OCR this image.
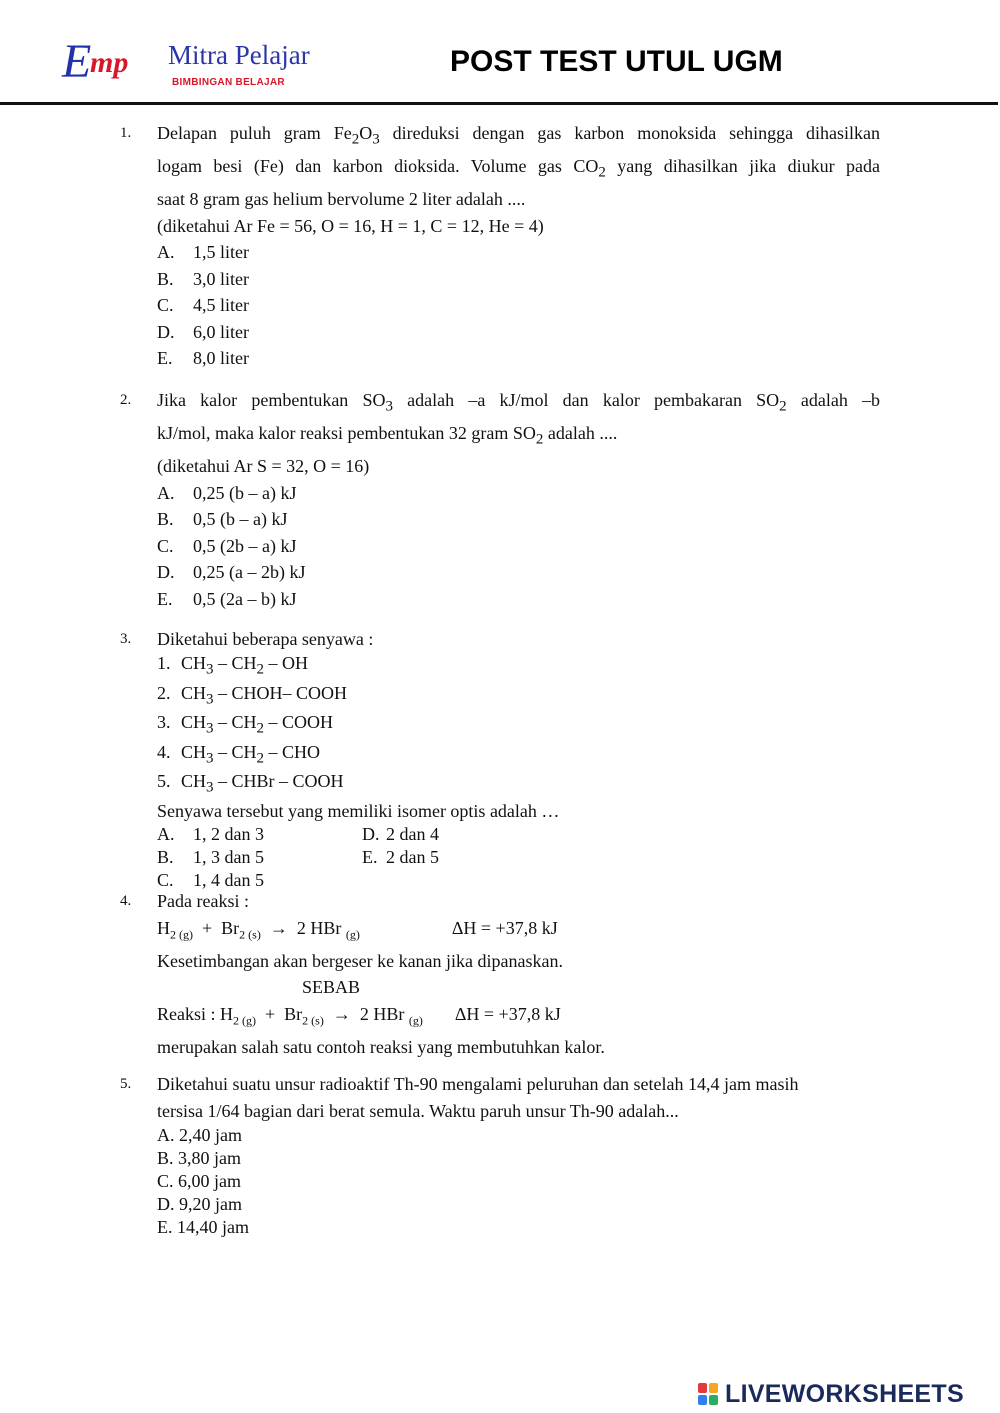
E
mp Mitra Pelajar
BIMBINGAN BELAJAR
POST TEST UTUL UGM
1.	Delapan puluh gram $Fe_2O_3$ direduksi dengan gas karbon monoksida sehingga dihasilkan
logam besi (Fe) dan karbon dioksida. Volume gas $CO_2$ yang dihasilkan jika diukur pada
saat 8 gram gas helium bervolume 2 liter adalah ....
(diketahui Ar Fe = 56, O = 16, H = 1, C = 12, He = 4)
A. 1,5 liter
B. 3,0 liter
C. 4,5 liter
D. 6,0 liter
E. 8,0 liter
2.	Jika kalor pembentukan $SO_3$ adalah –a kJ/mol dan kalor pembakaran $SO_2$ adalah –b
kJ/mol, maka kalor reaksi pembentukan 32 gram $SO_2$ adalah ....
(diketahui Ar S = 32, O = 16)
A. 0,25 (b – a) kJ
B. 0,5 (b – a) kJ
C. 0,5 (2b – a) kJ
D. 0,25 (a – 2b) kJ
E. 0,5 (2a – b) kJ
3.	Diketahui beberapa senyawa :
1. $CH_3 - CH_2$ – OH
2. $CH_3$ – CHOH– COOH
3. $CH_3 - CH_2$ – COOH
4. $CH_3 - CH_2$ – CHO
5. $CH_3$ – CHBr – COOH
Senyawa tersebut yang memiliki isomer optis adalah …
A. 1, 2 dan 3	D. 2 dan 4
B. 1, 3 dan 5	E. 2 dan 5
C. 1, 4 dan 5
4.	Pada reaksi :
$H_{2 (g)} + Br_{2 (s)} \to 2$ HBr $_{(g)}$	ΔH = +37,8 kJ
Kesetimbangan akan bergeser ke kanan jika dipanaskan.
SEBAB
Reaksi : $H_{2 (g)} + Br_{2 (s)} \to 2$ HBr $_{(g)}$ ΔH = +37,8 kJ
merupakan salah satu contoh reaksi yang membutuhkan kalor.
5.	Diketahui suatu unsur radioaktif Th-90 mengalami peluruhan dan setelah 14,4 jam masih
tersisa 1/64 bagian dari berat semula. Waktu paruh unsur Th-90 adalah...
A. 2,40 jam
B. 3,80 jam
C. 6,00 jam
D. 9,20 jam
E. 14,40 jam
LIVEWORKSHEETS
